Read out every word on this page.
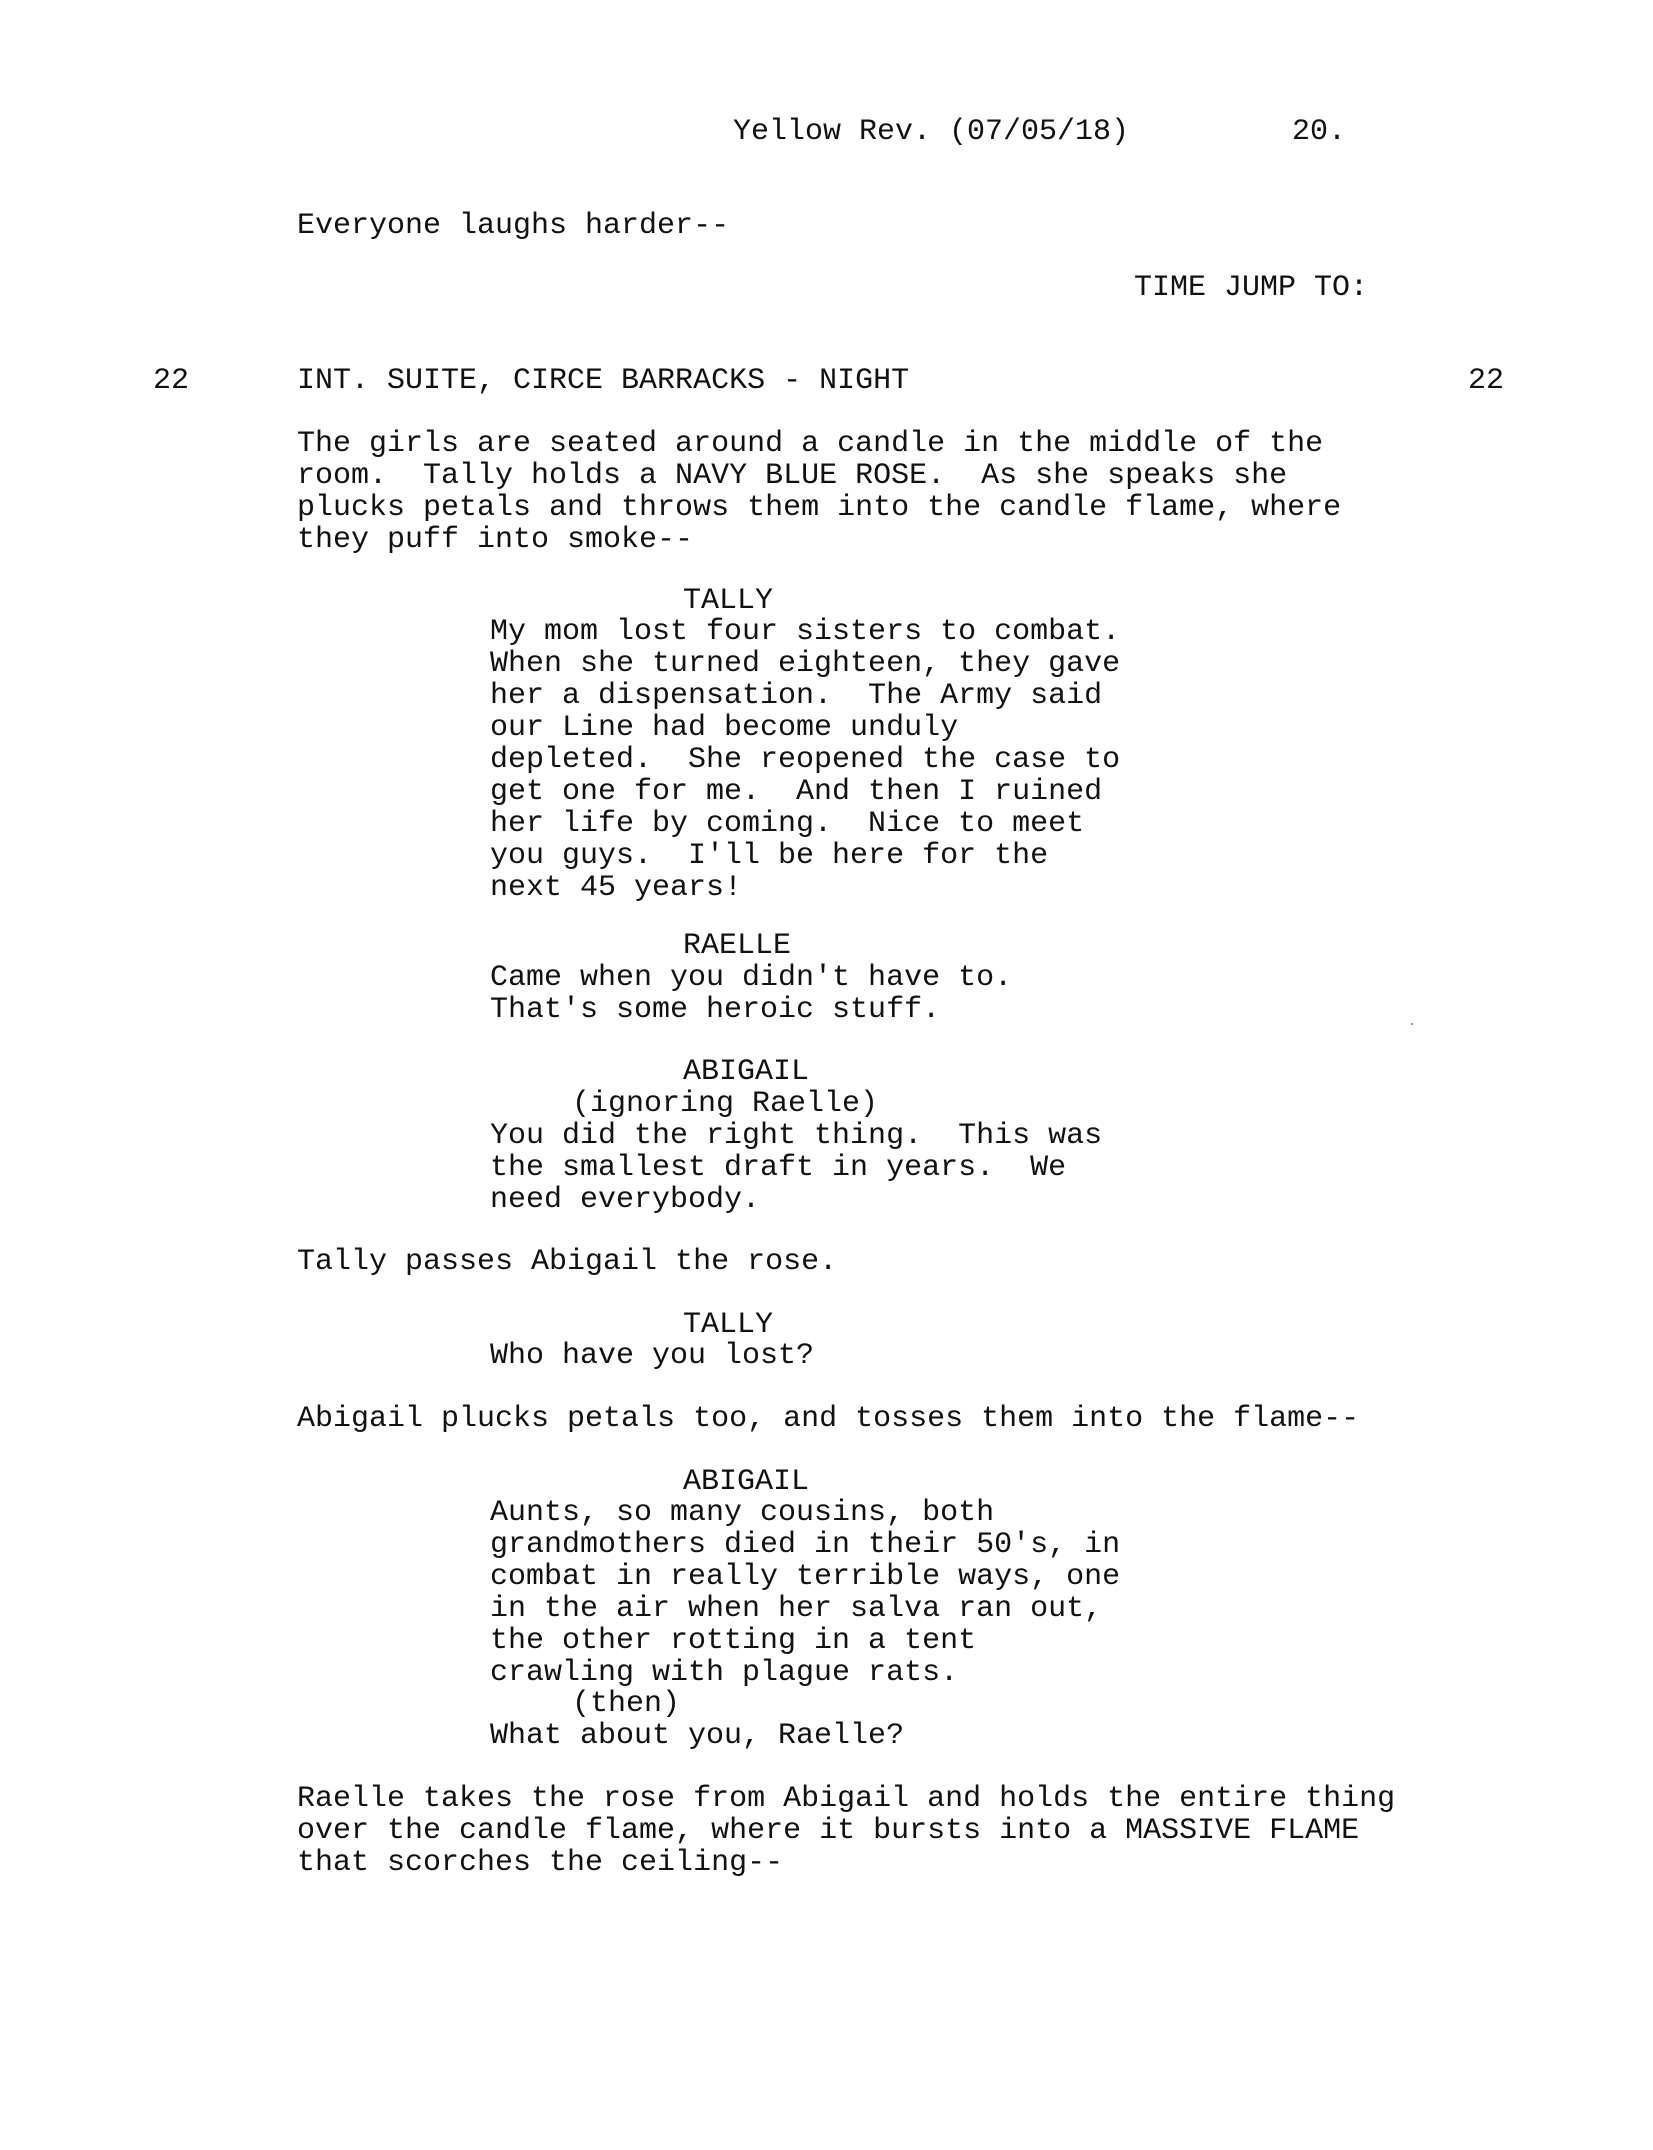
Yellow Rev. (07/05/18)	20.
Everyone laughs harder--
TIME JUMP TO:
22	INT. SUITE, CIRCE BARRACKS - NIGHT	22
The girls are seated around a candle in the middle of the
room.  Tally holds a NAVY BLUE ROSE.  As she speaks she
plucks petals and throws them into the candle flame, where
they puff into smoke--
TALLY
My mom lost four sisters to combat.
When she turned eighteen, they gave
her a dispensation.  The Army said
our Line had become unduly
depleted.  She reopened the case to
get one for me.  And then I ruined
her life by coming.  Nice to meet
you guys.  I'll be here for the
next 45 years!
RAELLE
Came when you didn't have to.
That's some heroic stuff.
ABIGAIL
(ignoring Raelle)
You did the right thing.  This was
the smallest draft in years.  We
need everybody.
Tally passes Abigail the rose.
TALLY
Who have you lost?
Abigail plucks petals too, and tosses them into the flame--
ABIGAIL
Aunts, so many cousins, both
grandmothers died in their 50's, in
combat in really terrible ways, one
in the air when her salva ran out,
the other rotting in a tent
crawling with plague rats.
(then)
What about you, Raelle?
Raelle takes the rose from Abigail and holds the entire thing
over the candle flame, where it bursts into a MASSIVE FLAME
that scorches the ceiling--
